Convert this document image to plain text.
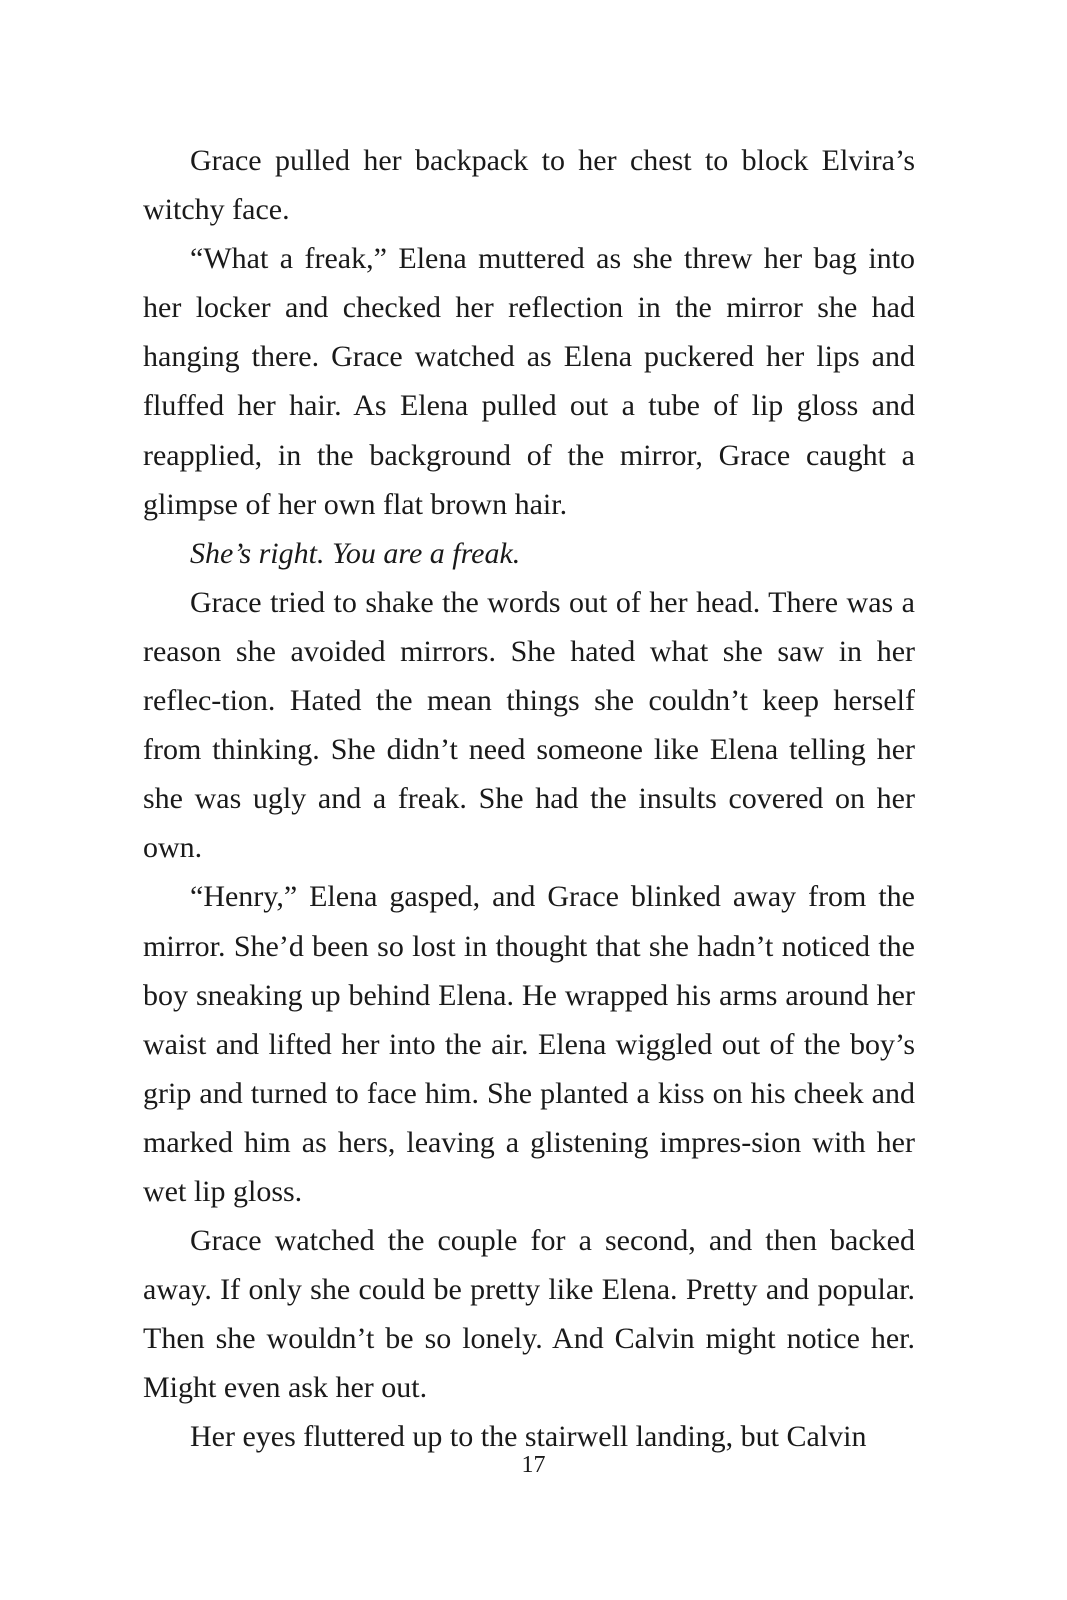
Grace pulled her backpack to her chest to block Elvira’s witchy face.

“What a freak,” Elena muttered as she threw her bag into her locker and checked her reflection in the mirror she had hanging there. Grace watched as Elena puckered her lips and fluffed her hair. As Elena pulled out a tube of lip gloss and reapplied, in the background of the mirror, Grace caught a glimpse of her own flat brown hair.

She’s right. You are a freak.

Grace tried to shake the words out of her head. There was a reason she avoided mirrors. She hated what she saw in her reflec-tion. Hated the mean things she couldn’t keep herself from thinking. She didn’t need someone like Elena telling her she was ugly and a freak. She had the insults covered on her own.

“Henry,” Elena gasped, and Grace blinked away from the mirror. She’d been so lost in thought that she hadn’t noticed the boy sneaking up behind Elena. He wrapped his arms around her waist and lifted her into the air. Elena wiggled out of the boy’s grip and turned to face him. She planted a kiss on his cheek and marked him as hers, leaving a glistening impres-sion with her wet lip gloss.

Grace watched the couple for a second, and then backed away. If only she could be pretty like Elena. Pretty and popular. Then she wouldn’t be so lonely. And Calvin might notice her. Might even ask her out.

Her eyes fluttered up to the stairwell landing, but Calvin

17
